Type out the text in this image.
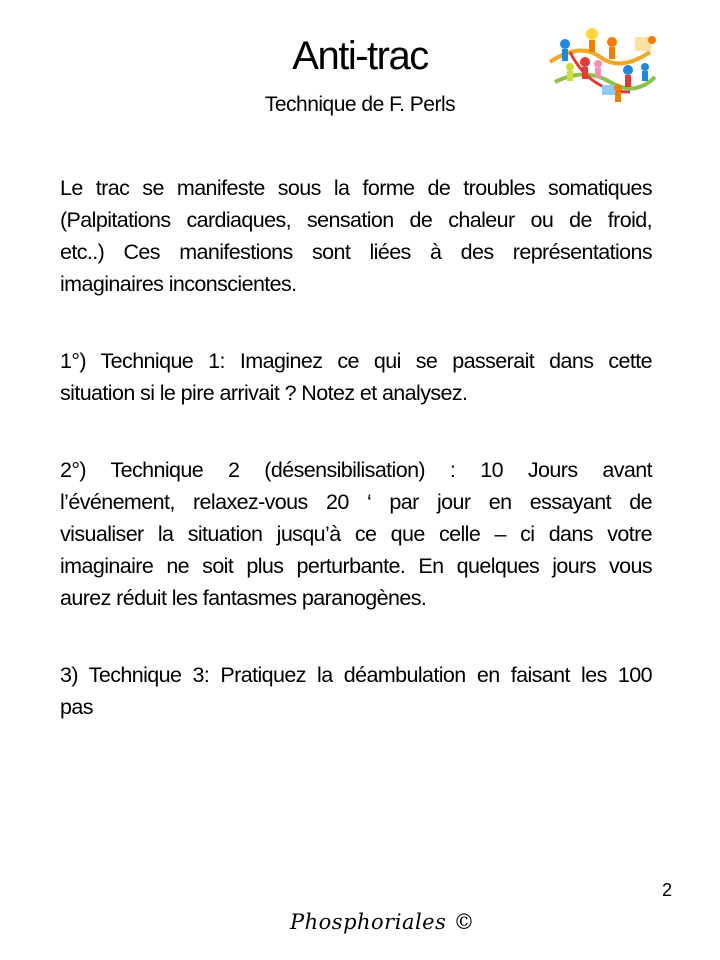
Anti-trac
Technique de F. Perls
Le trac se manifeste sous la forme de troubles somatiques
(Palpitations cardiaques, sensation de chaleur ou de froid,
etc..) Ces manifestions sont liées à des représentations
imaginaires inconscientes.
1°) Technique 1: Imaginez ce qui se passerait dans cette
situation si le pire arrivait ? Notez et analysez.
2°) Technique 2 (désensibilisation) : 10 Jours avant
l’événement, relaxez-vous 20 ‘ par jour en essayant de
visualiser la situation jusqu’à ce que celle – ci dans votre
imaginaire ne soit plus perturbante. En quelques jours vous
aurez réduit les fantasmes paranogènes.
3) Technique 3: Pratiquez la déambulation en faisant les 100
pas
2
Phosphoriales ©
